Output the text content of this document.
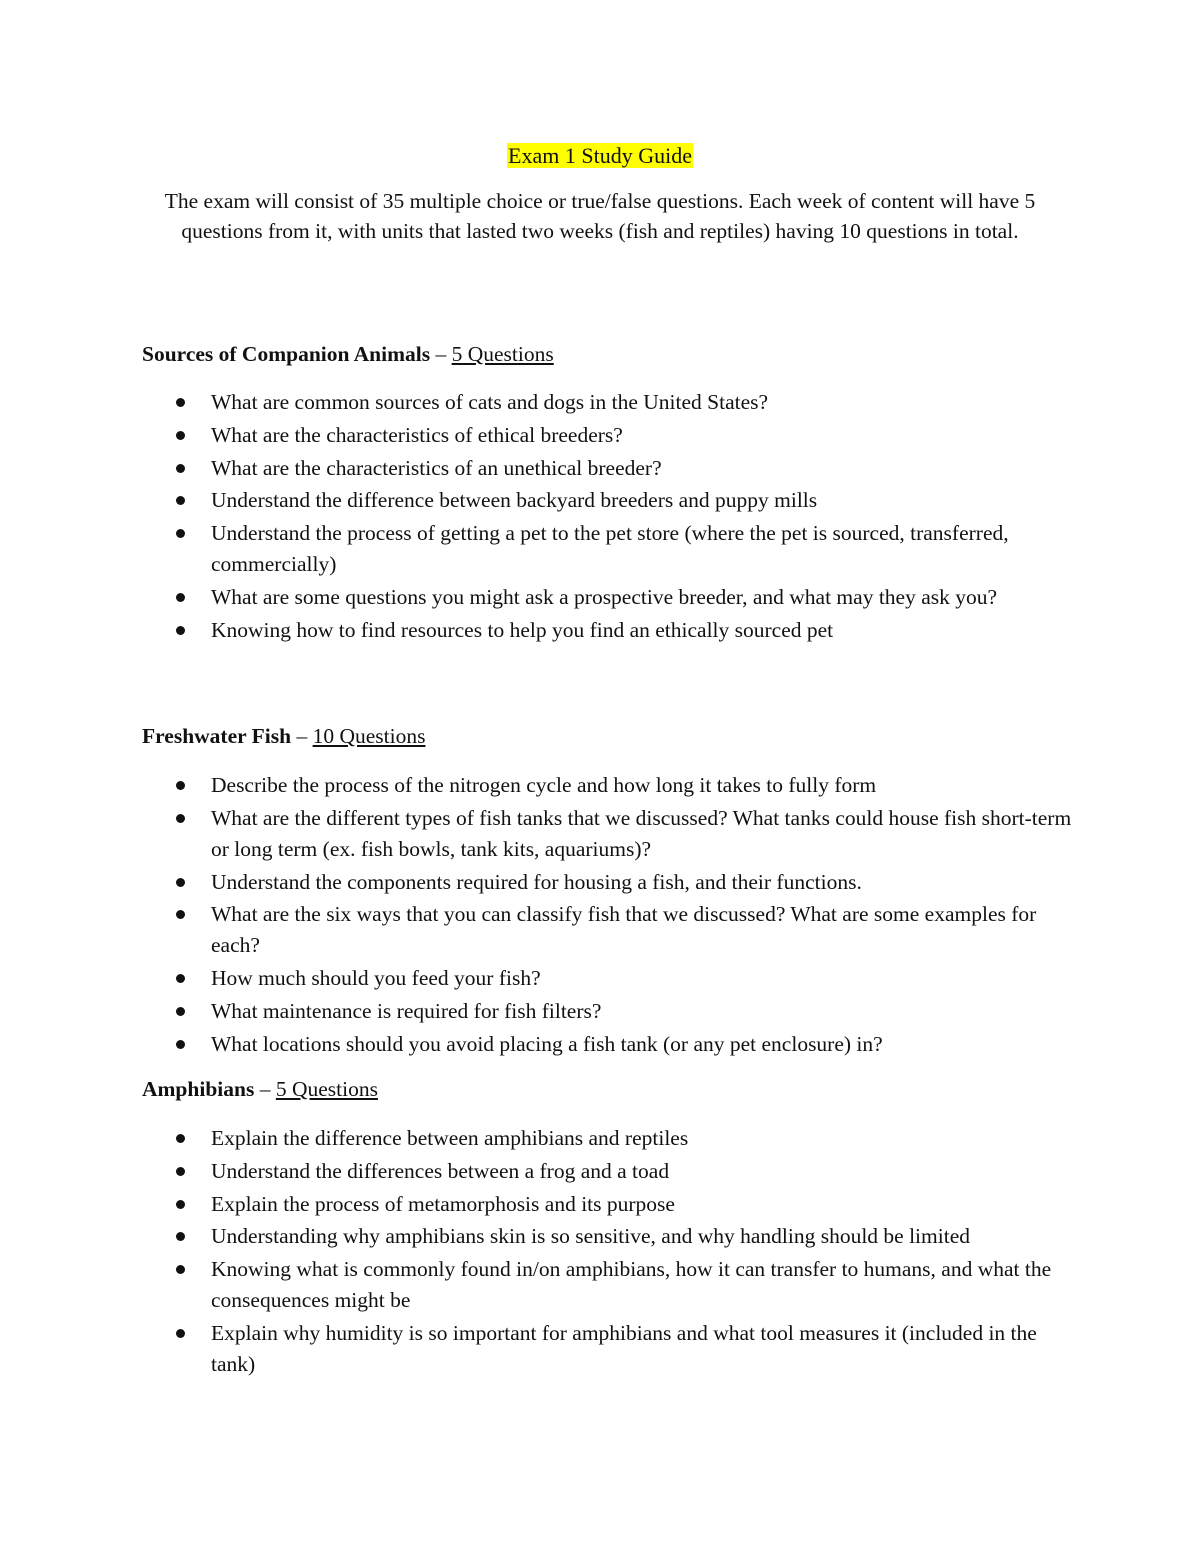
Exam 1 Study Guide
The exam will consist of 35 multiple choice or true/false questions. Each week of content will have 5 questions from it, with units that lasted two weeks (fish and reptiles) having 10 questions in total.

Sources of Companion Animals – 5 Questions

What are common sources of cats and dogs in the United States?
What are the characteristics of ethical breeders?
What are the characteristics of an unethical breeder?
Understand the difference between backyard breeders and puppy mills
Understand the process of getting a pet to the pet store (where the pet is sourced, transferred, commercially)
What are some questions you might ask a prospective breeder, and what may they ask you?
Knowing how to find resources to help you find an ethically sourced pet

Freshwater Fish – 10 Questions

Describe the process of the nitrogen cycle and how long it takes to fully form
What are the different types of fish tanks that we discussed? What tanks could house fish short-term or long term (ex. fish bowls, tank kits, aquariums)?
Understand the components required for housing a fish, and their functions.
What are the six ways that you can classify fish that we discussed? What are some examples for each?
How much should you feed your fish?
What maintenance is required for fish filters?
What locations should you avoid placing a fish tank (or any pet enclosure) in?

Amphibians – 5 Questions

Explain the difference between amphibians and reptiles
Understand the differences between a frog and a toad
Explain the process of metamorphosis and its purpose
Understanding why amphibians skin is so sensitive, and why handling should be limited
Knowing what is commonly found in/on amphibians, how it can transfer to humans, and what the consequences might be
Explain why humidity is so important for amphibians and what tool measures it (included in the tank)
